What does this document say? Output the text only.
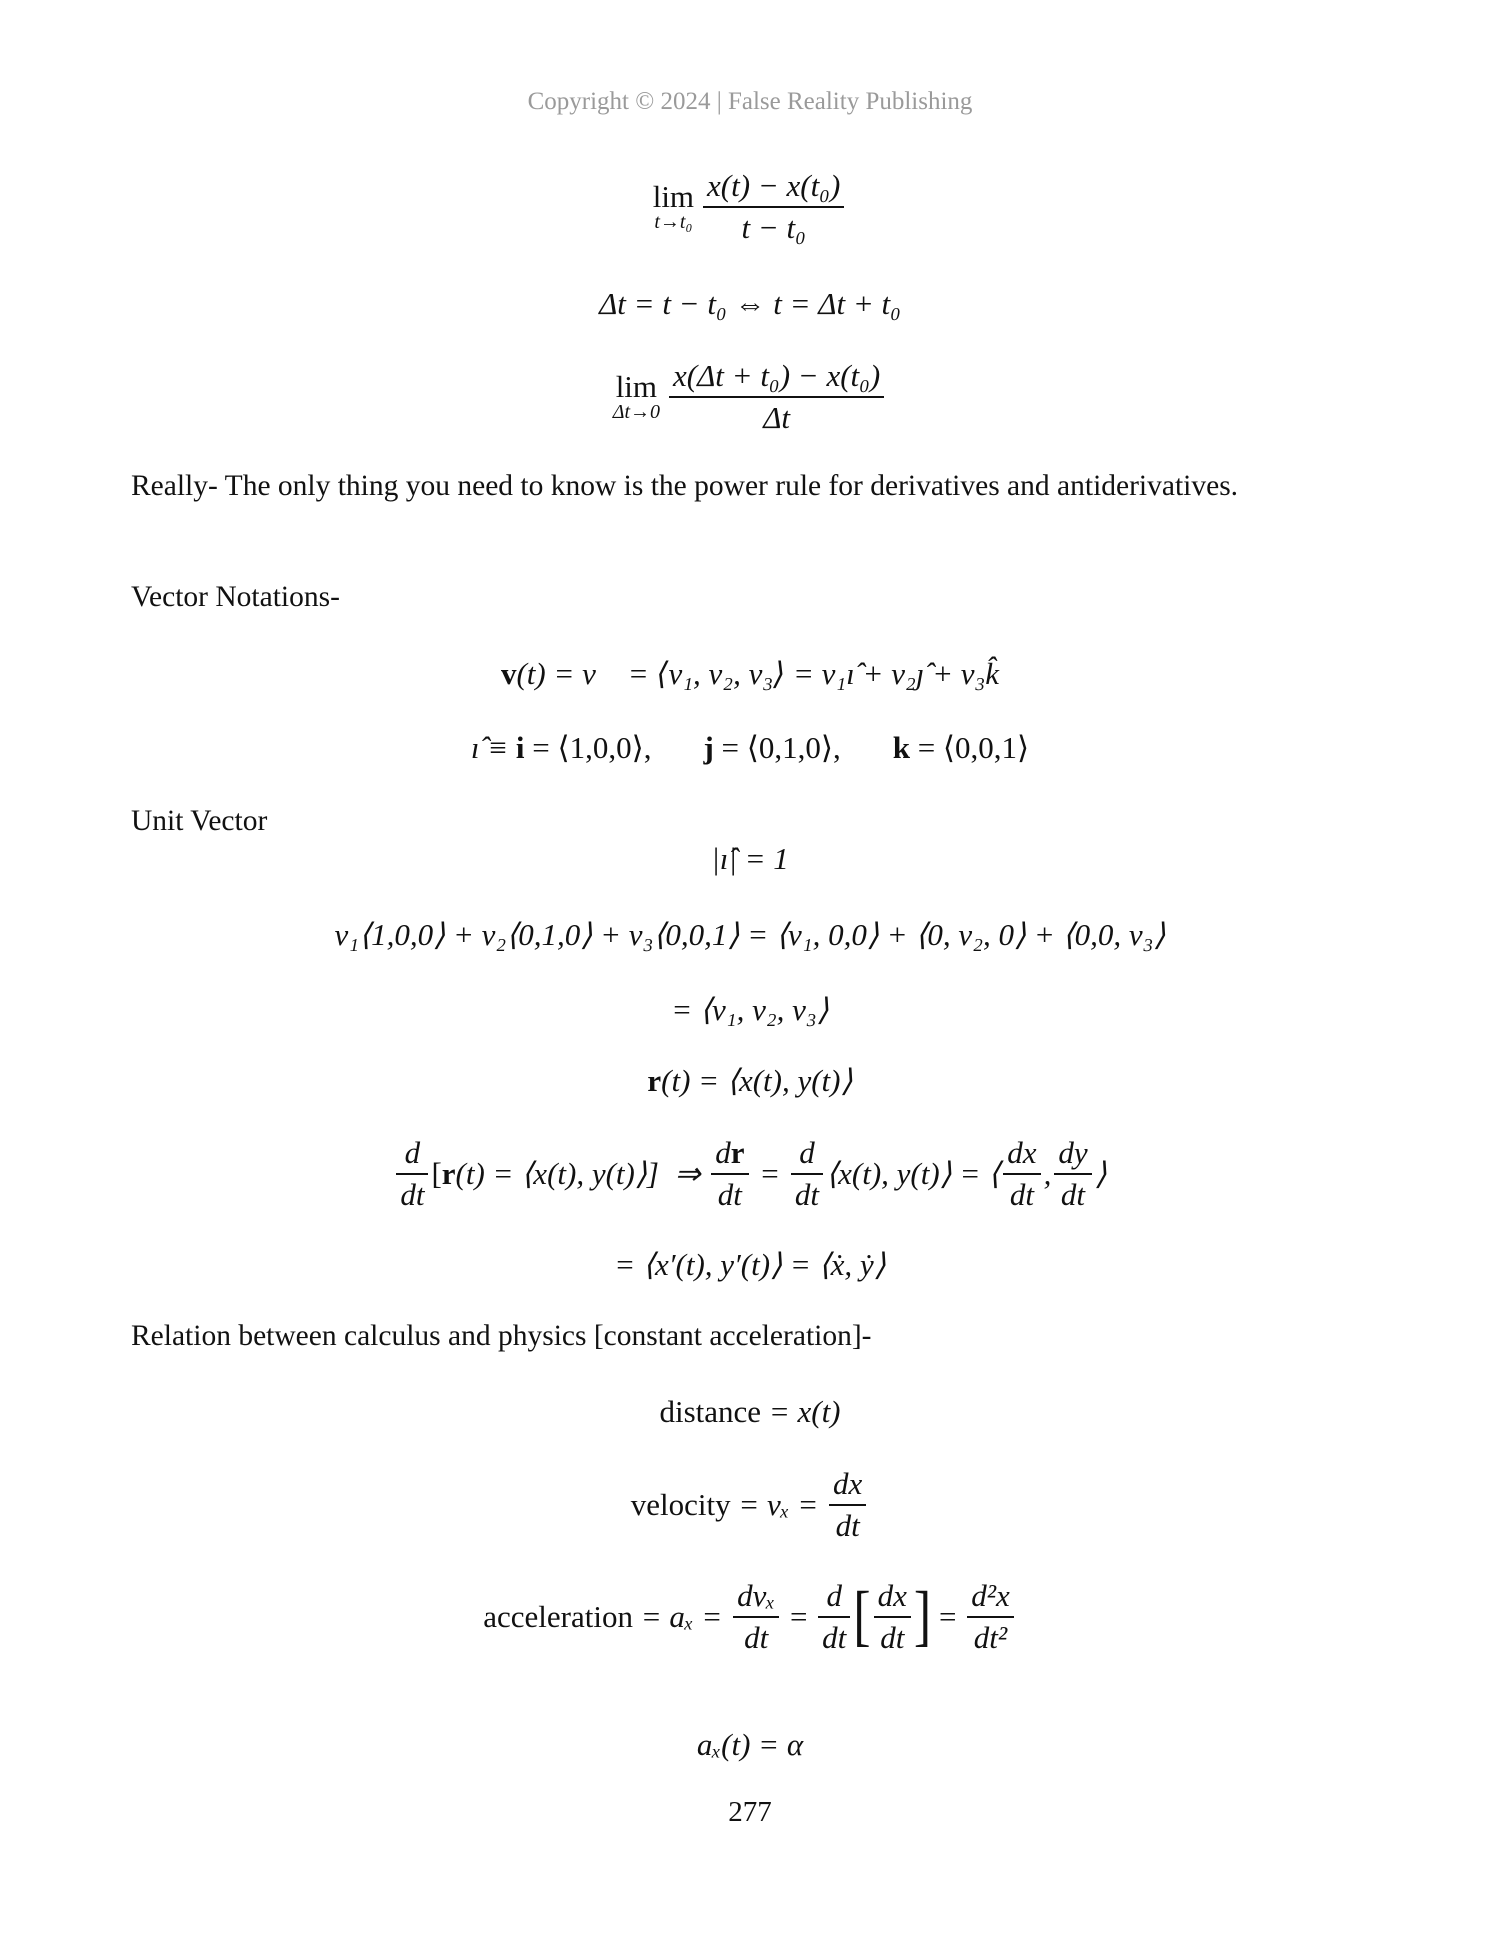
Copyright © 2024 | False Reality Publishing
lim
$t\to t_0 \frac{\text{x(t) − x(t₀)}}{\text{t − t₀}}$
Δt = t − t₀ ⇔ t = Δt + t₀
lim
$\Delta t\to 0 \frac{\text{x(Δt + t₀) − x(t₀)}}{\Delta t}$
Really- The only thing you need to know is the power rule for derivatives and antiderivatives.
Vector Notations-
v(t) = v⃗ = ⟨v₁, v₂, v₃⟩ = v₁ı̂ + v₂ȷ̂ + v₃k̂
ı̂ ≡ i = ⟨1,0,0⟩, j = ⟨0,1,0⟩, k = ⟨0,0,1⟩
Unit Vector
|ı̂| = 1
v₁⟨1,0,0⟩ + v₂⟨0,1,0⟩ + v₃⟨0,0,1⟩ = ⟨v₁, 0,0⟩ + ⟨0, v₂, 0⟩ + ⟨0,0, v₃⟩
= ⟨v₁, v₂, v₃⟩
r(t) = ⟨x(t), y(t)⟩
$\frac{d}{dt}$ [ r (t) = ⟨x(t), y(t)⟩]  ⇒ $\frac{dr}{dt} = \frac{d}{dt}$ ⟨x(t), y(t)⟩ = ⟨ $\frac{dx}{dt}$ , $\frac{dy}{dt}$ ⟩
= ⟨x′(t), y′(t)⟩ = ⟨ẋ, ẏ⟩
Relation between calculus and physics [constant acceleration]-
distance = x(t)
velocity = $v_x = \frac{dx}{dt}$
acceleration = $a_x = \frac{\text{dvₓ}}{dt} = \frac{d}{dt}$ [ $\frac{dx}{dt}$ ] = $\frac{\text{d²x}}{\text{dt²}}$
aₓ(t) = α
277
